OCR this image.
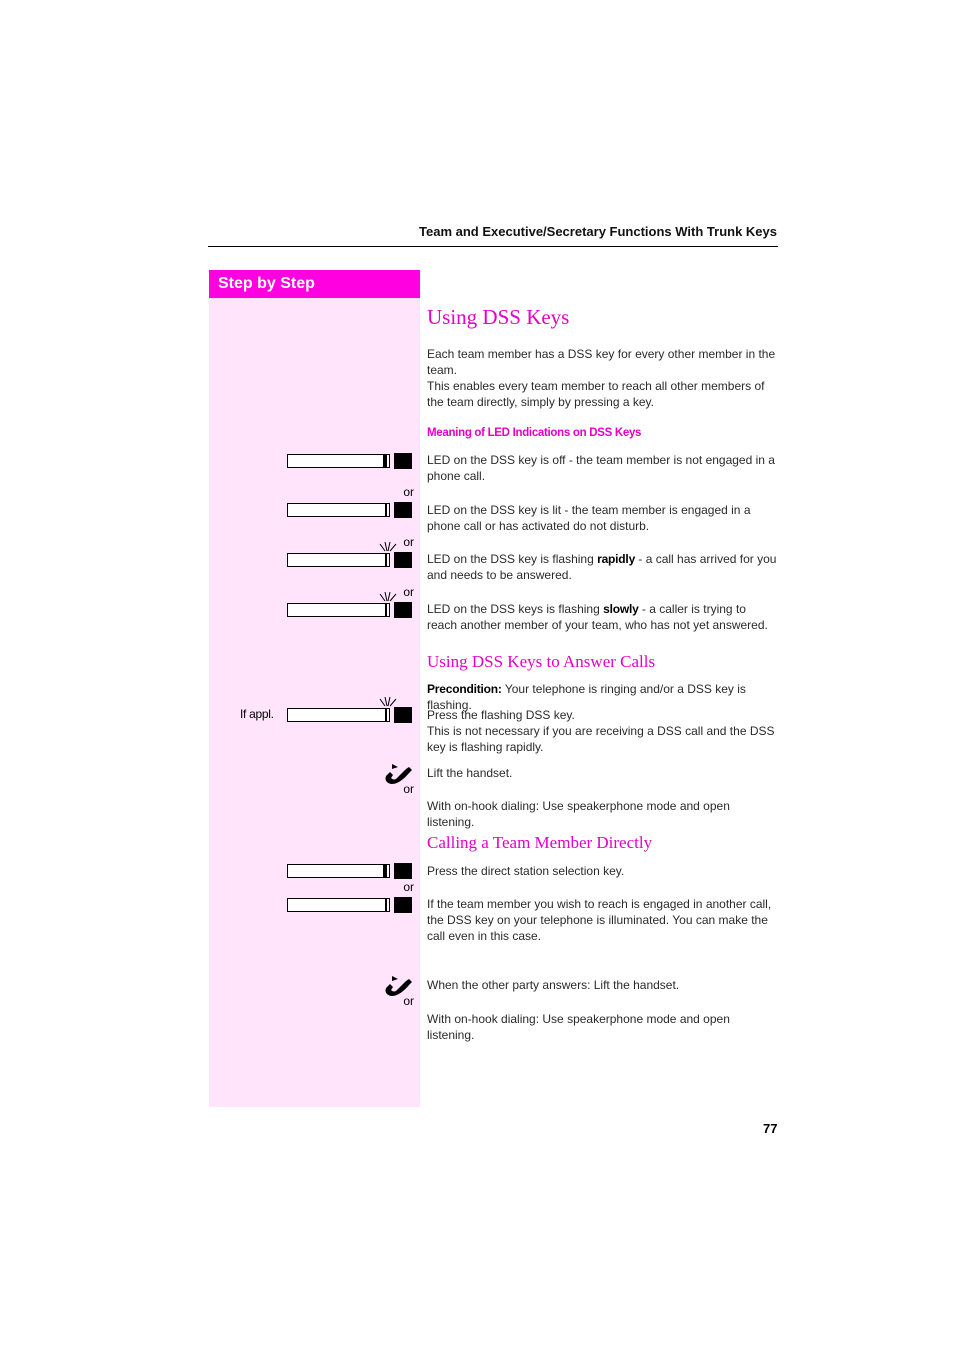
Team and Executive/Secretary Functions With Trunk Keys
Step by Step
Using DSS Keys
Each team member has a DSS key for every other member in the team.
This enables every team member to reach all other members of the team directly, simply by pressing a key.
Meaning of LED Indications on DSS Keys
LED on the DSS key is off - the team member is not engaged in a phone call.
or
LED on the DSS key is lit - the team member is engaged in a phone call or has activated do not disturb.
or
LED on the DSS key is flashing rapidly - a call has arrived for you and needs to be answered.
or
LED on the DSS keys is flashing slowly - a caller is trying to reach another member of your team, who has not yet answered.
Using DSS Keys to Answer Calls
Precondition: Your telephone is ringing and/or a DSS key is flashing.
If appl.	Press the flashing DSS key.
This is not necessary if you are receiving a DSS call and the DSS key is flashing rapidly.
Lift the handset.
or
With on-hook dialing: Use speakerphone mode and open listening.
Calling a Team Member Directly
Press the direct station selection key.
or
If the team member you wish to reach is engaged in another call, the DSS key on your telephone is illuminated. You can make the call even in this case.
When the other party answers: Lift the handset.
or
With on-hook dialing: Use speakerphone mode and open listening.
77
